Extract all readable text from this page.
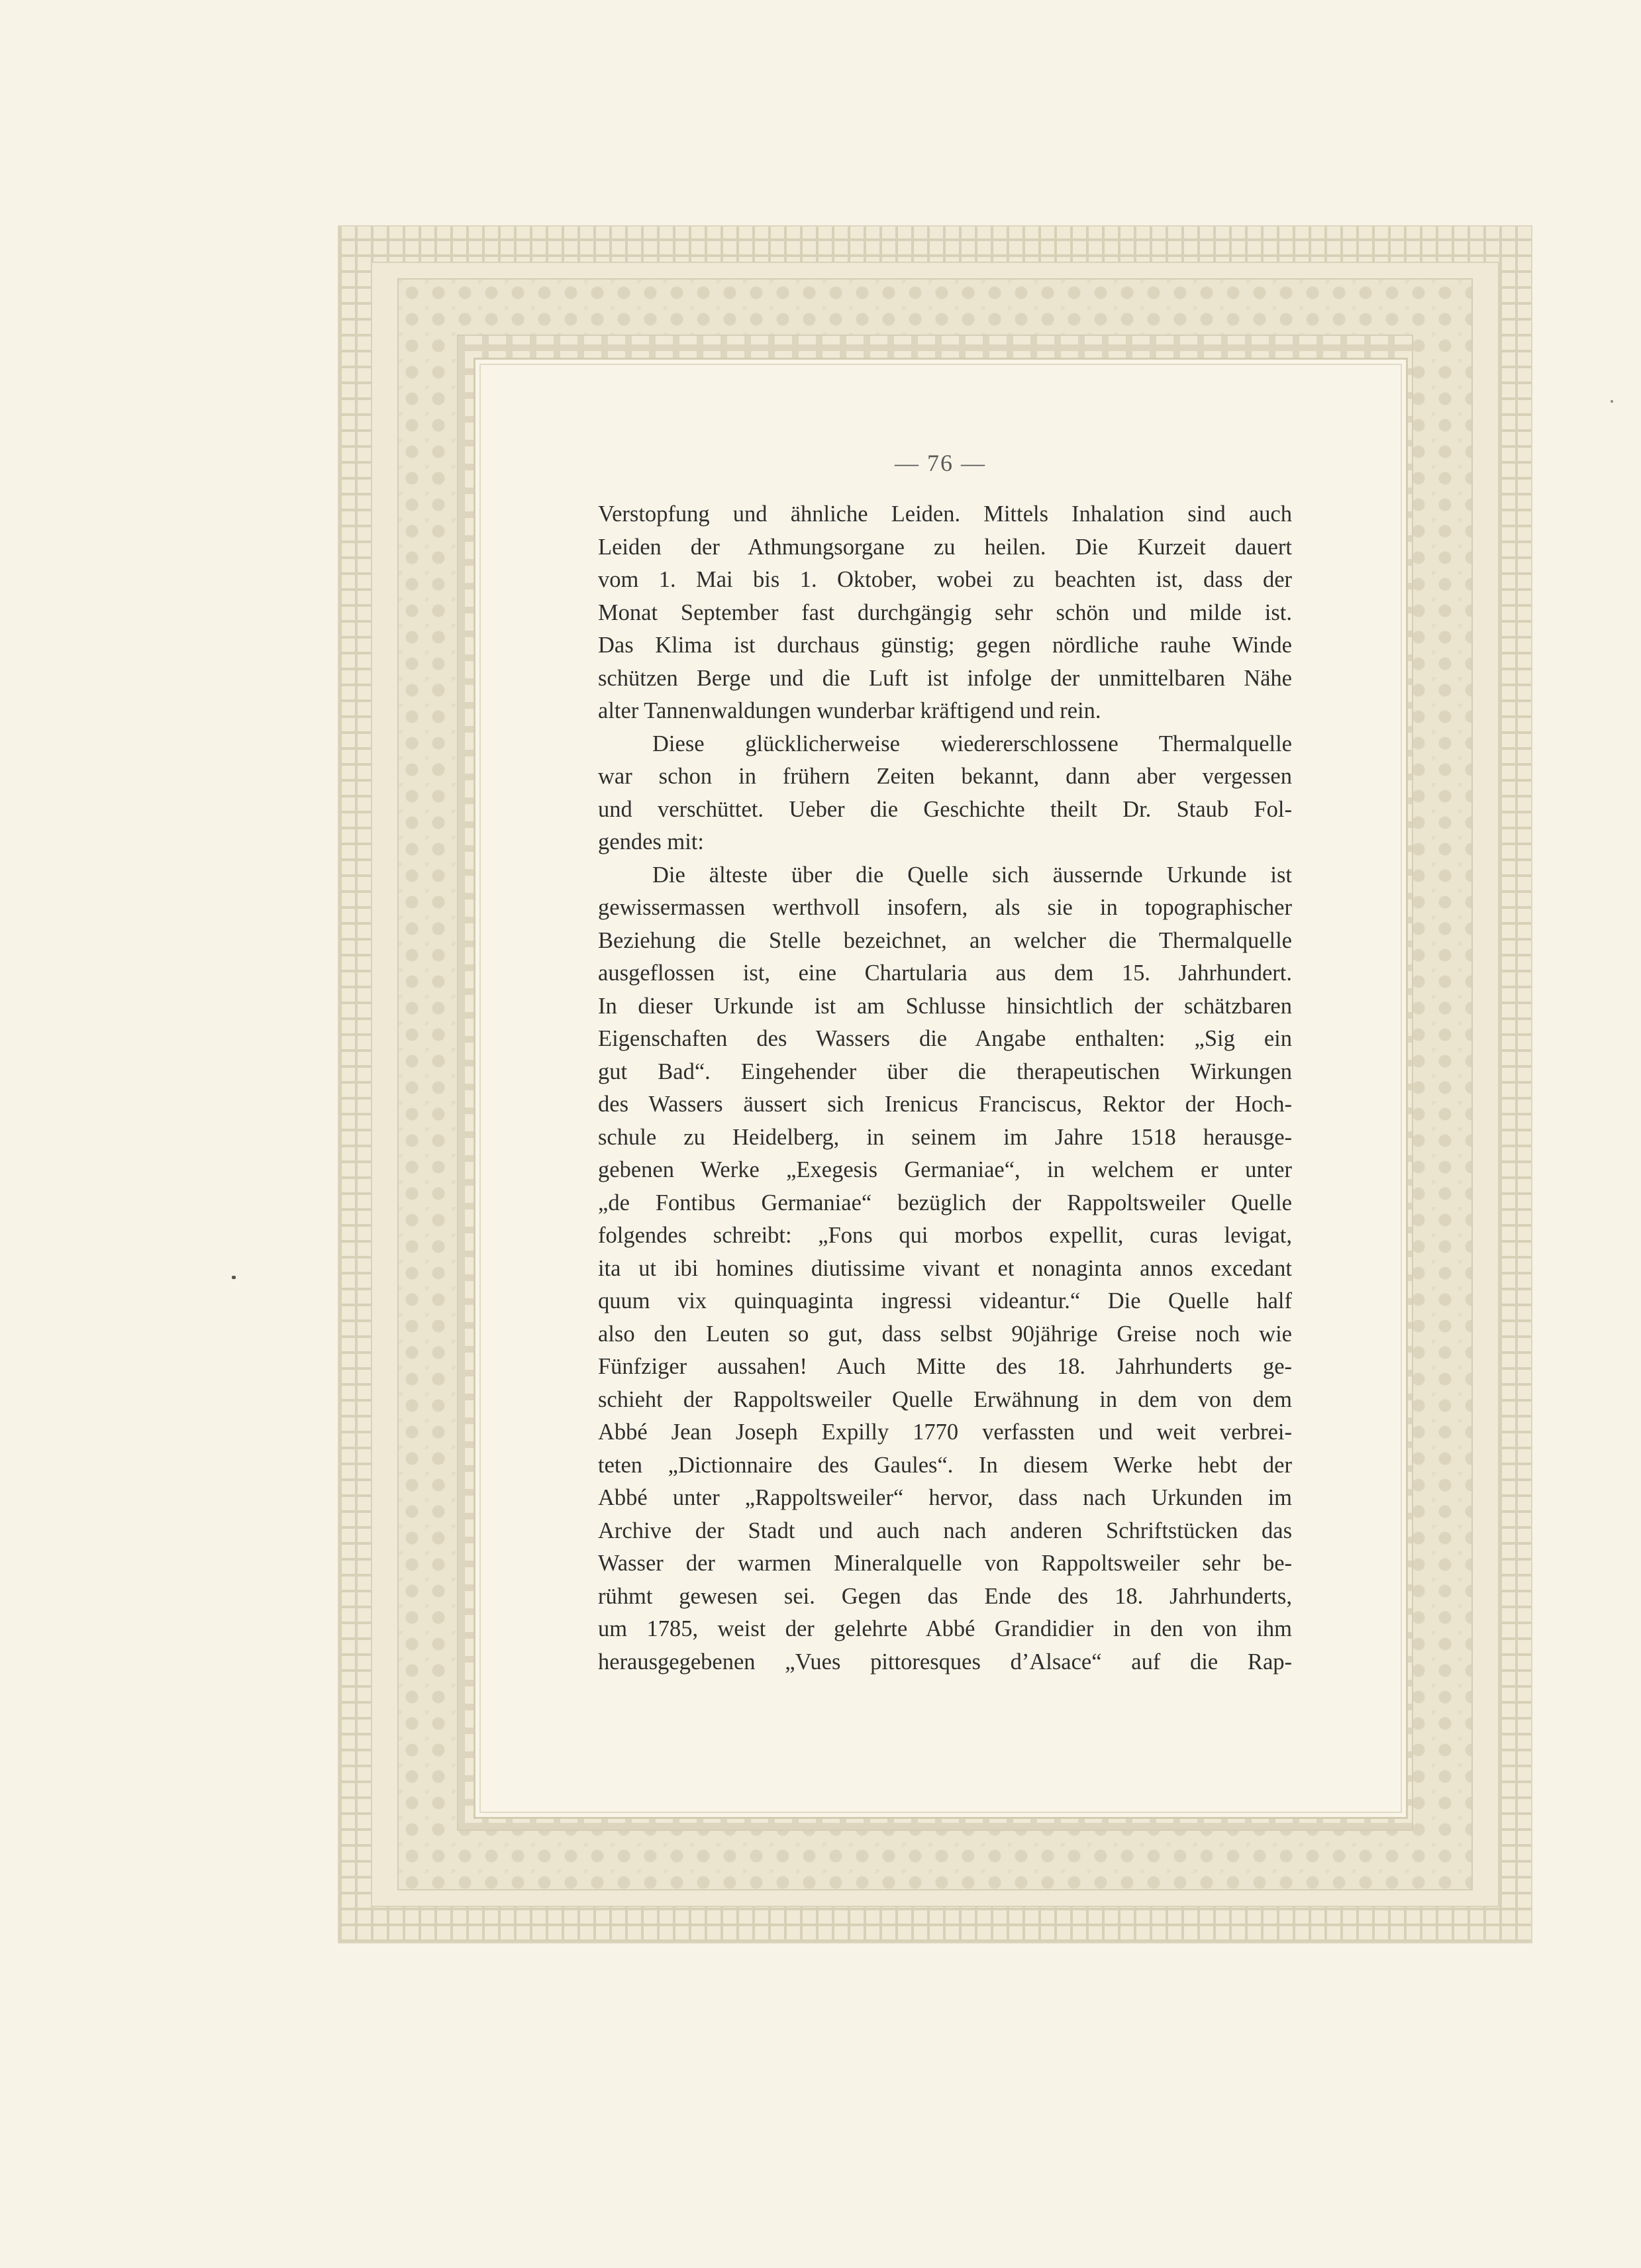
— 76 —
Verstopfung und ähnliche Leiden. Mittels Inhalation sind auch
Leiden der Athmungsorgane zu heilen. Die Kurzeit dauert
vom 1. Mai bis 1. Oktober, wobei zu beachten ist, dass der
Monat September fast durchgängig sehr schön und milde ist.
Das Klima ist durchaus günstig; gegen nördliche rauhe Winde
schützen Berge und die Luft ist infolge der unmittelbaren Nähe
alter Tannenwaldungen wunderbar kräftigend und rein.
Diese glücklicherweise wiedererschlossene Thermalquelle
war schon in frühern Zeiten bekannt, dann aber vergessen
und verschüttet. Ueber die Geschichte theilt Dr. Staub Fol-
gendes mit:
Die älteste über die Quelle sich äussernde Urkunde ist
gewissermassen werthvoll insofern, als sie in topographischer
Beziehung die Stelle bezeichnet, an welcher die Thermalquelle
ausgeflossen ist, eine Chartularia aus dem 15. Jahrhundert.
In dieser Urkunde ist am Schlusse hinsichtlich der schätzbaren
Eigenschaften des Wassers die Angabe enthalten: „Sig ein
gut Bad“. Eingehender über die therapeutischen Wirkungen
des Wassers äussert sich Irenicus Franciscus, Rektor der Hoch-
schule zu Heidelberg, in seinem im Jahre 1518 herausge-
gebenen Werke „Exegesis Germaniae“, in welchem er unter
„de Fontibus Germaniae“ bezüglich der Rappoltsweiler Quelle
folgendes schreibt: „Fons qui morbos expellit, curas levigat,
ita ut ibi homines diutissime vivant et nonaginta annos excedant
quum vix quinquaginta ingressi videantur.“ Die Quelle half
also den Leuten so gut, dass selbst 90jährige Greise noch wie
Fünfziger aussahen! Auch Mitte des 18. Jahrhunderts ge-
schieht der Rappoltsweiler Quelle Erwähnung in dem von dem
Abbé Jean Joseph Expilly 1770 verfassten und weit verbrei-
teten „Dictionnaire des Gaules“. In diesem Werke hebt der
Abbé unter „Rappoltsweiler“ hervor, dass nach Urkunden im
Archive der Stadt und auch nach anderen Schriftstücken das
Wasser der warmen Mineralquelle von Rappoltsweiler sehr be-
rühmt gewesen sei. Gegen das Ende des 18. Jahrhunderts,
um 1785, weist der gelehrte Abbé Grandidier in den von ihm
herausgegebenen „Vues pittoresques d’Alsace“ auf die Rap-
